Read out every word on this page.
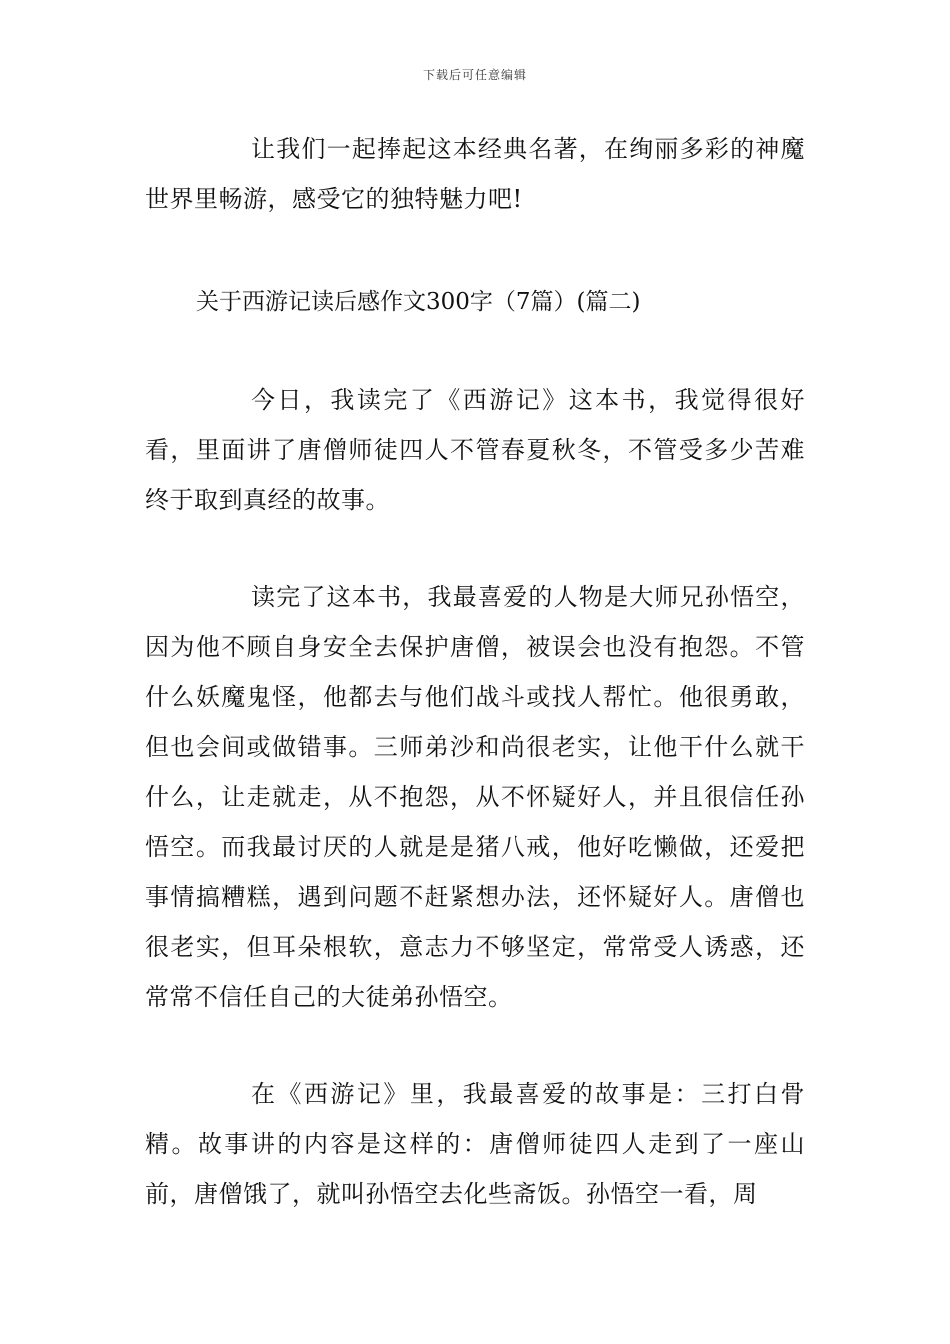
下载后可任意编辑

让我们一起捧起这本经典名著，在绚丽多彩的神魔世界里畅游，感受它的独特魅力吧!

关于西游记读后感作文300字（7篇）(篇二)

今日，我读完了《西游记》这本书，我觉得很好看，里面讲了唐僧师徒四人不管春夏秋冬，不管受多少苦难终于取到真经的故事。

读完了这本书，我最喜爱的人物是大师兄孙悟空，因为他不顾自身安全去保护唐僧，被误会也没有抱怨。不管什么妖魔鬼怪，他都去与他们战斗或找人帮忙。他很勇敢，但也会间或做错事。三师弟沙和尚很老实，让他干什么就干什么，让走就走，从不抱怨，从不怀疑好人，并且很信任孙悟空。而我最讨厌的人就是是猪八戒，他好吃懒做，还爱把事情搞糟糕，遇到问题不赶紧想办法，还怀疑好人。唐僧也很老实，但耳朵根软，意志力不够坚定，常常受人诱惑，还常常不信任自己的大徒弟孙悟空。

在《西游记》里，我最喜爱的故事是：三打白骨精。故事讲的内容是这样的：唐僧师徒四人走到了一座山前，唐僧饿了，就叫孙悟空去化些斋饭。孙悟空一看，周
